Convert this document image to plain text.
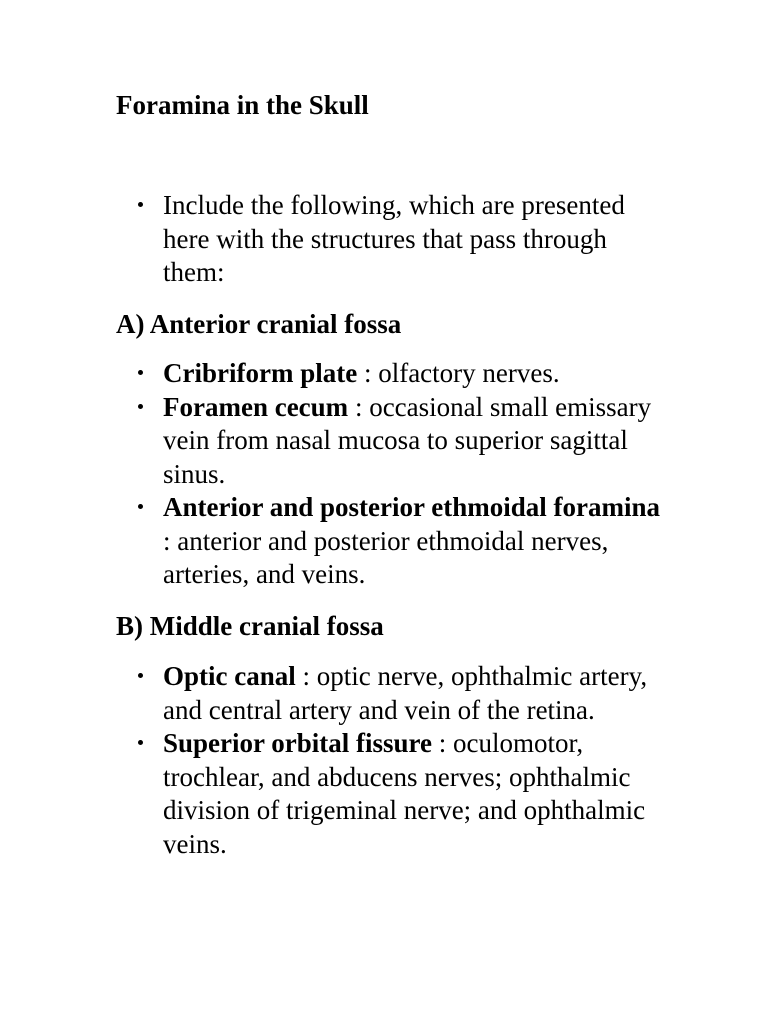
Foramina in the Skull
Include the following, which are presented here with the structures that pass through them:
A) Anterior cranial fossa
Cribriform plate : olfactory nerves.
Foramen cecum : occasional small emissary vein from nasal mucosa to superior sagittal sinus.
Anterior and posterior ethmoidal foramina : anterior and posterior ethmoidal nerves, arteries, and veins.
B) Middle cranial fossa
Optic canal : optic nerve, ophthalmic artery, and central artery and vein of the retina.
Superior orbital fissure : oculomotor, trochlear, and abducens nerves; ophthalmic division of trigeminal nerve; and ophthalmic veins.
